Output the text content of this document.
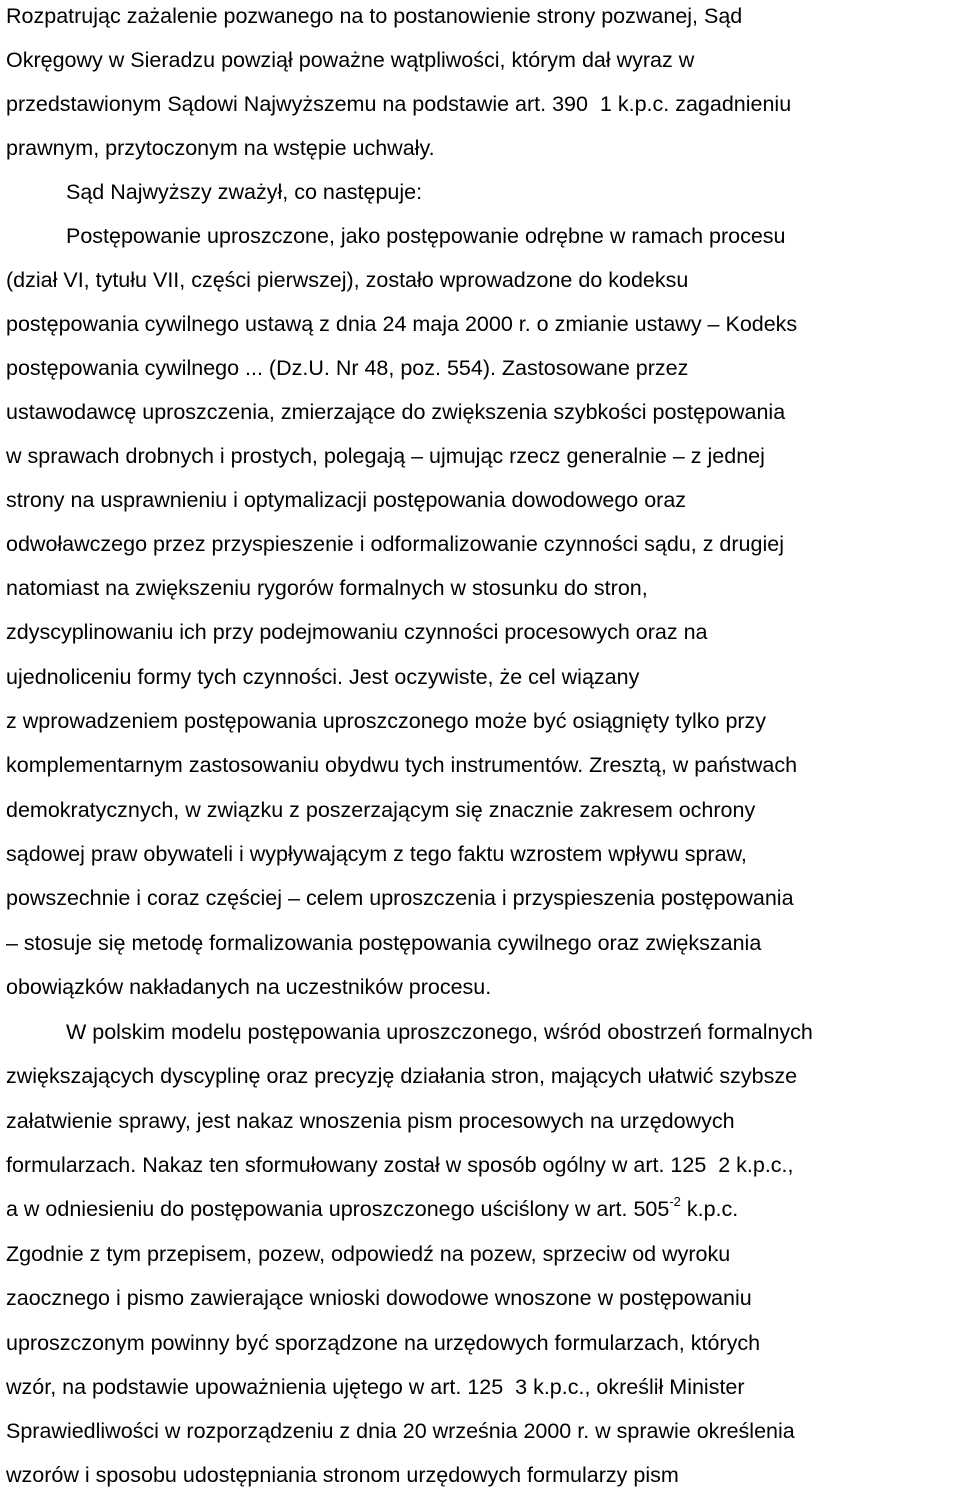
Rozpatrując zażalenie pozwanego na to postanowienie strony pozwanej, Sąd
Okręgowy w Sieradzu powziął poważne wątpliwości, którym dał wyraz w
przedstawionym Sądowi Najwyższemu na podstawie art. 390  1 k.p.c. zagadnieniu
prawnym, przytoczonym na wstępie uchwały.
Sąd Najwyższy zważył, co następuje:
Postępowanie uproszczone, jako postępowanie odrębne w ramach procesu
(dział VI, tytułu VII, części pierwszej), zostało wprowadzone do kodeksu
postępowania cywilnego ustawą z dnia 24 maja 2000 r. o zmianie ustawy – Kodeks
postępowania cywilnego ... (Dz.U. Nr 48, poz. 554). Zastosowane przez
ustawodawcę uproszczenia, zmierzające do zwiększenia szybkości postępowania
w sprawach drobnych i prostych, polegają – ujmując rzecz generalnie – z jednej
strony na usprawnieniu i optymalizacji postępowania dowodowego oraz
odwoławczego przez przyspieszenie i odformalizowanie czynności sądu, z drugiej
natomiast na zwiększeniu rygorów formalnych w stosunku do stron,
zdyscyplinowaniu ich przy podejmowaniu czynności procesowych oraz na
ujednoliceniu formy tych czynności. Jest oczywiste, że cel wiązany
z wprowadzeniem postępowania uproszczonego może być osiągnięty tylko przy
komplementarnym zastosowaniu obydwu tych instrumentów. Zresztą, w państwach
demokratycznych, w związku z poszerzającym się znacznie zakresem ochrony
sądowej praw obywateli i wypływającym z tego faktu wzrostem wpływu spraw,
powszechnie i coraz częściej – celem uproszczenia i przyspieszenia postępowania
– stosuje się metodę formalizowania postępowania cywilnego oraz zwiększania
obowiązków nakładanych na uczestników procesu.
W polskim modelu postępowania uproszczonego, wśród obostrzeń formalnych
zwiększających dyscyplinę oraz precyzję działania stron, mających ułatwić szybsze
załatwienie sprawy, jest nakaz wnoszenia pism procesowych na urzędowych
formularzach. Nakaz ten sformułowany został w sposób ogólny w art. 125  2 k.p.c.,
a w odniesieniu do postępowania uproszczonego uściślony w art. $505^{-2}$ k.p.c.
Zgodnie z tym przepisem, pozew, odpowiedź na pozew, sprzeciw od wyroku
zaocznego i pismo zawierające wnioski dowodowe wnoszone w postępowaniu
uproszczonym powinny być sporządzone na urzędowych formularzach, których
wzór, na podstawie upoważnienia ujętego w art. 125  3 k.p.c., określił Minister
Sprawiedliwości w rozporządzeniu z dnia 20 września 2000 r. w sprawie określenia
wzorów i sposobu udostępniania stronom urzędowych formularzy pism
